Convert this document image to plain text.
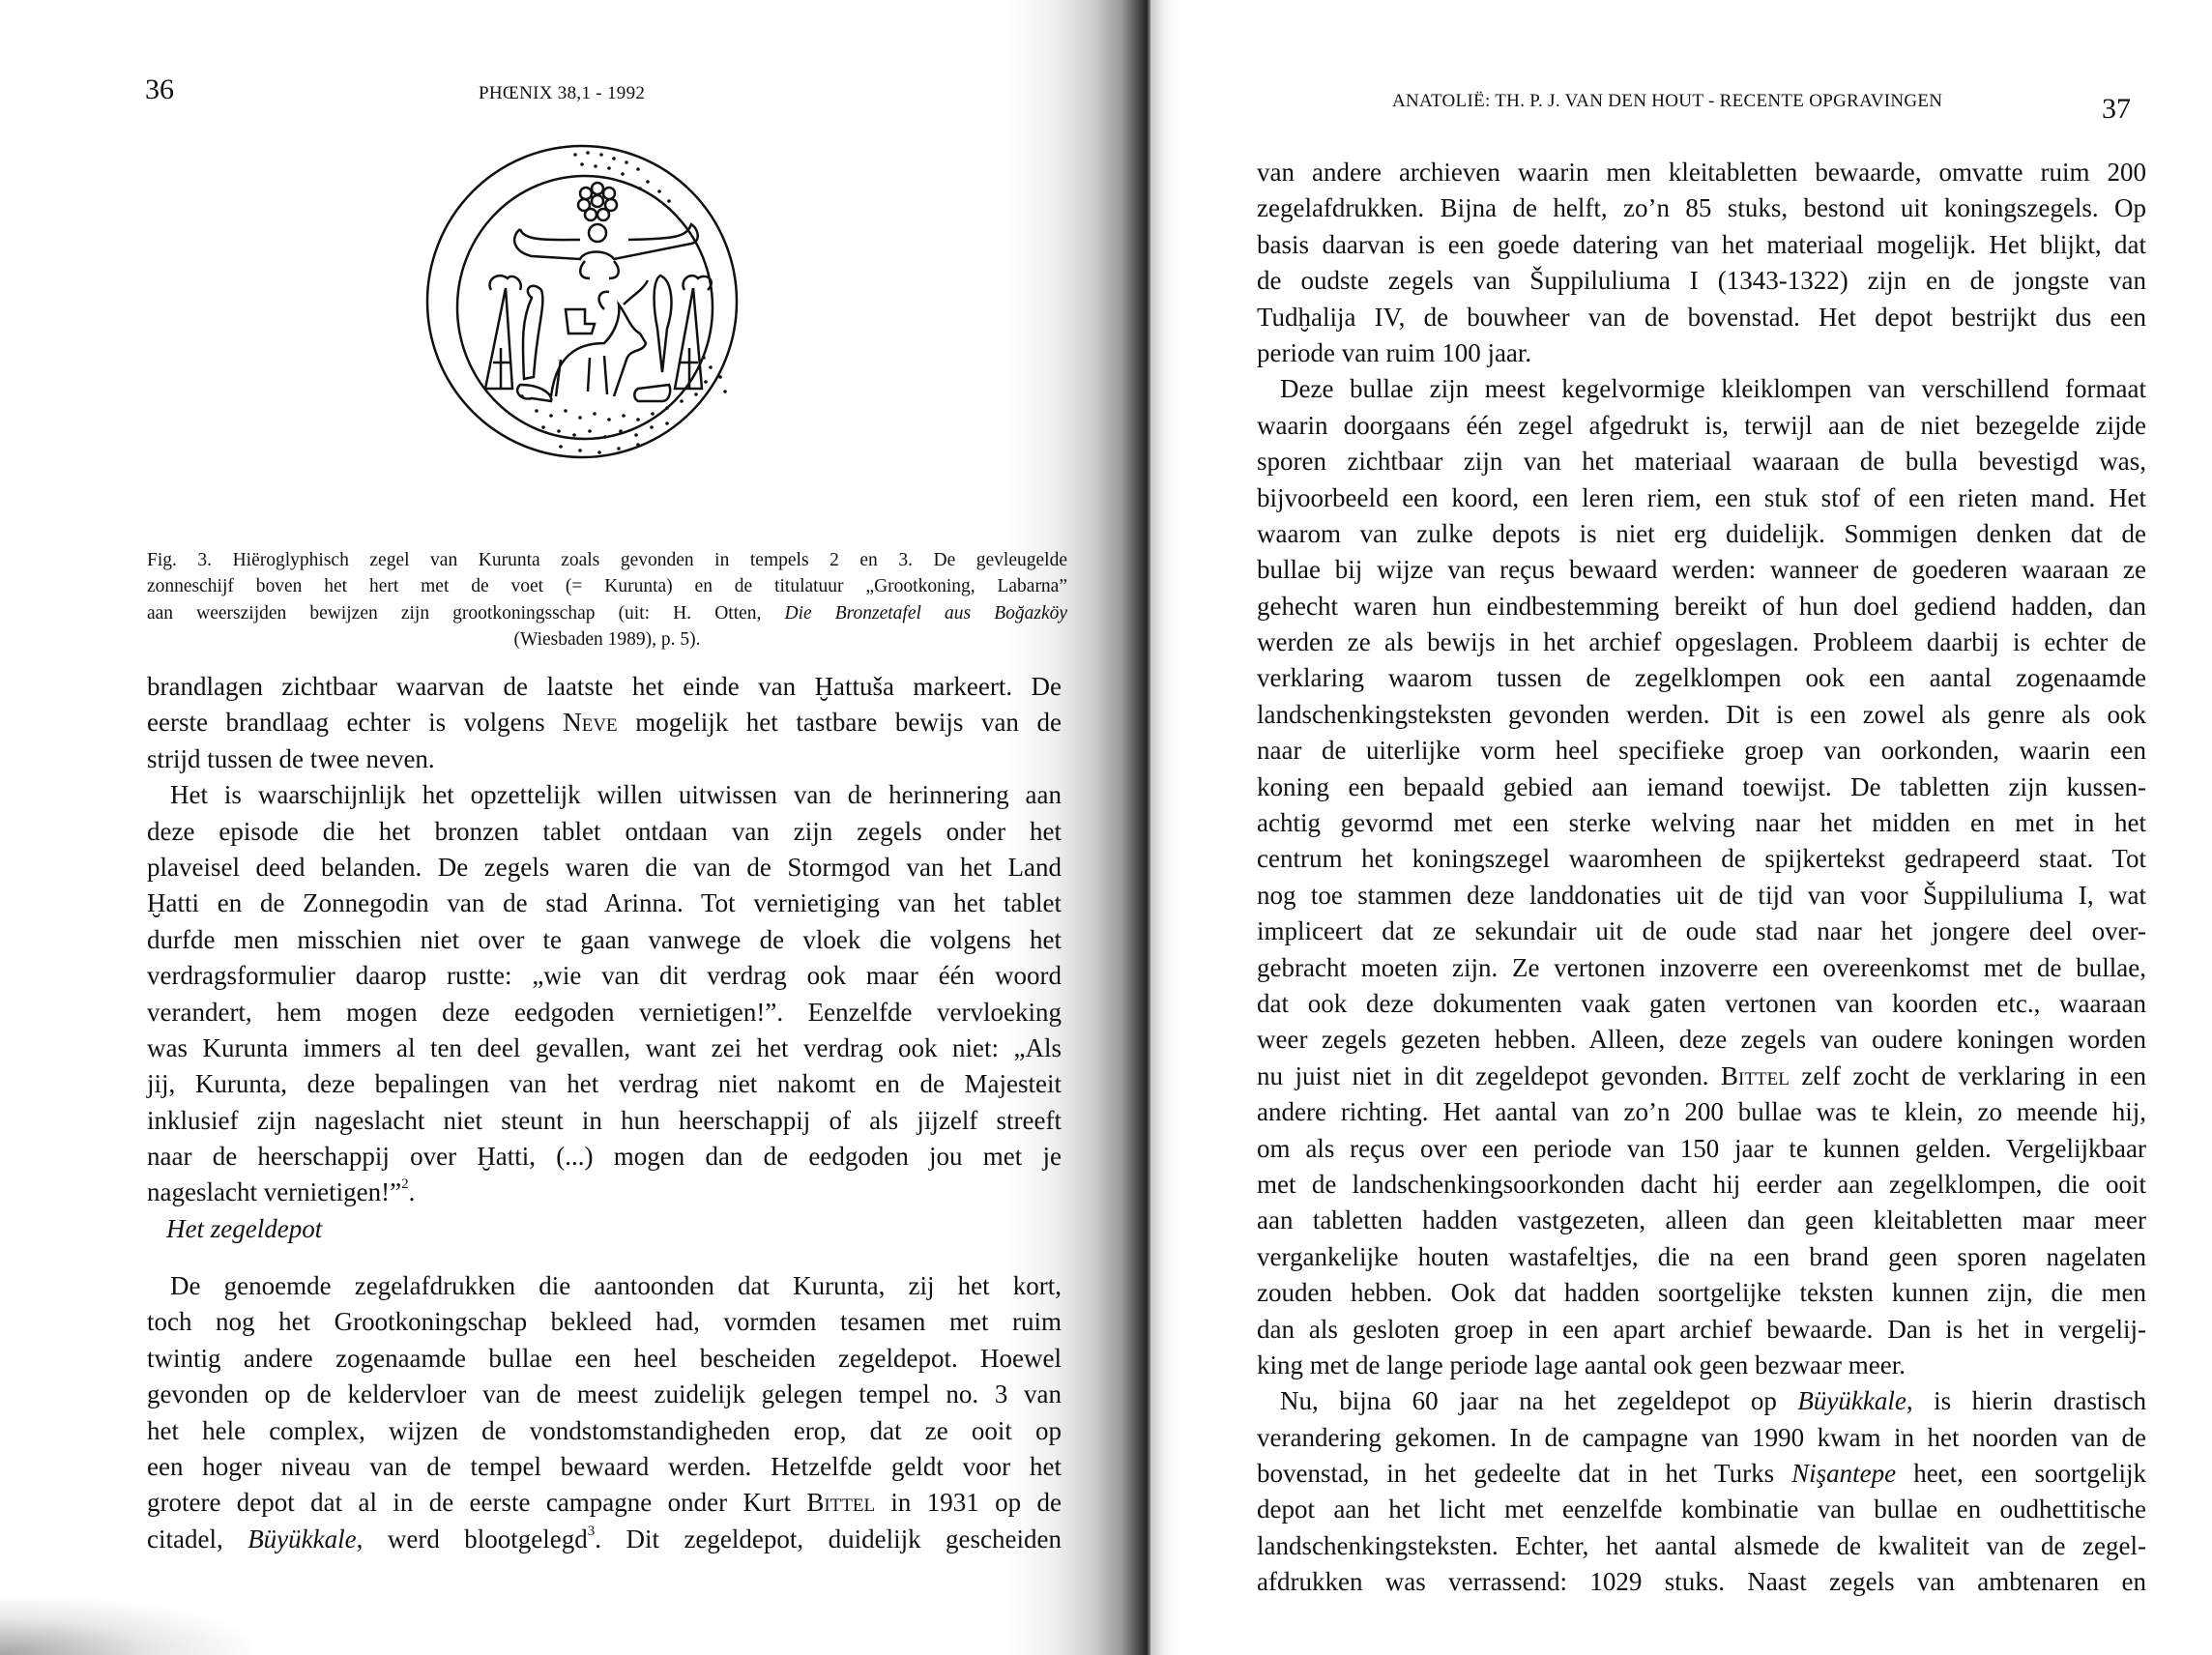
36	PHŒNIX 38,1 - 1992
Fig. 3. Hiëroglyphisch zegel van Kurunta zoals gevonden in tempels 2 en 3. De gevleugelde
zonneschijf boven het hert met de voet (= Kurunta) en de titulatuur „Grootkoning, Labarna”
aan weerszijden bewijzen zijn grootkoningsschap (uit: H. Otten, Die Bronzetafel aus Boğazköy
(Wiesbaden 1989), p. 5).
brandlagen zichtbaar waarvan de laatste het einde van Ḫattuša markeert. De
eerste brandlaag echter is volgens Neve mogelijk het tastbare bewijs van de
strijd tussen de twee neven.
Het is waarschijnlijk het opzettelijk willen uitwissen van de herinnering aan
deze episode die het bronzen tablet ontdaan van zijn zegels onder het
plaveisel deed belanden. De zegels waren die van de Stormgod van het Land
Ḫatti en de Zonnegodin van de stad Arinna. Tot vernietiging van het tablet
durfde men misschien niet over te gaan vanwege de vloek die volgens het
verdragsformulier daarop rustte: „wie van dit verdrag ook maar één woord
verandert, hem mogen deze eedgoden vernietigen!”. Eenzelfde vervloeking
was Kurunta immers al ten deel gevallen, want zei het verdrag ook niet: „Als
jij, Kurunta, deze bepalingen van het verdrag niet nakomt en de Majesteit
inklusief zijn nageslacht niet steunt in hun heerschappij of als jijzelf streeft
naar de heerschappij over Ḫatti, (...) mogen dan de eedgoden jou met je
nageslacht vernietigen!”$^2$.
Het zegeldepot
De genoemde zegelafdrukken die aantoonden dat Kurunta, zij het kort,
toch nog het Grootkoningschap bekleed had, vormden tesamen met ruim
twintig andere zogenaamde bullae een heel bescheiden zegeldepot. Hoewel
gevonden op de keldervloer van de meest zuidelijk gelegen tempel no. 3 van
het hele complex, wijzen de vondstomstandigheden erop, dat ze ooit op
een hoger niveau van de tempel bewaard werden. Hetzelfde geldt voor het
grotere depot dat al in de eerste campagne onder Kurt Bittel in 1931 op de
citadel, Büyükkale, werd blootgelegd$^3$. Dit zegeldepot, duidelijk gescheiden
ANATOLIË: TH. P. J. VAN DEN HOUT - RECENTE OPGRAVINGEN	37
van andere archieven waarin men kleitabletten bewaarde, omvatte ruim 200
zegelafdrukken. Bijna de helft, zo’n 85 stuks, bestond uit koningszegels. Op
basis daarvan is een goede datering van het materiaal mogelijk. Het blijkt, dat
de oudste zegels van Šuppiluliuma I (1343-1322) zijn en de jongste van
Tudḫalija IV, de bouwheer van de bovenstad. Het depot bestrijkt dus een
periode van ruim 100 jaar.
Deze bullae zijn meest kegelvormige kleiklompen van verschillend formaat
waarin doorgaans één zegel afgedrukt is, terwijl aan de niet bezegelde zijde
sporen zichtbaar zijn van het materiaal waaraan de bulla bevestigd was,
bijvoorbeeld een koord, een leren riem, een stuk stof of een rieten mand. Het
waarom van zulke depots is niet erg duidelijk. Sommigen denken dat de
bullae bij wijze van reçus bewaard werden: wanneer de goederen waaraan ze
gehecht waren hun eindbestemming bereikt of hun doel gediend hadden, dan
werden ze als bewijs in het archief opgeslagen. Probleem daarbij is echter de
verklaring waarom tussen de zegelklompen ook een aantal zogenaamde
landschenkingsteksten gevonden werden. Dit is een zowel als genre als ook
naar de uiterlijke vorm heel specifieke groep van oorkonden, waarin een
koning een bepaald gebied aan iemand toewijst. De tabletten zijn kussen-
achtig gevormd met een sterke welving naar het midden en met in het
centrum het koningszegel waaromheen de spijkertekst gedrapeerd staat. Tot
nog toe stammen deze landdonaties uit de tijd van voor Šuppiluliuma I, wat
impliceert dat ze sekundair uit de oude stad naar het jongere deel over-
gebracht moeten zijn. Ze vertonen inzoverre een overeenkomst met de bullae,
dat ook deze dokumenten vaak gaten vertonen van koorden etc., waaraan
weer zegels gezeten hebben. Alleen, deze zegels van oudere koningen worden
nu juist niet in dit zegeldepot gevonden. Bittel zelf zocht de verklaring in een
andere richting. Het aantal van zo’n 200 bullae was te klein, zo meende hij,
om als reçus over een periode van 150 jaar te kunnen gelden. Vergelijkbaar
met de landschenkingsoorkonden dacht hij eerder aan zegelklompen, die ooit
aan tabletten hadden vastgezeten, alleen dan geen kleitabletten maar meer
vergankelijke houten wastafeltjes, die na een brand geen sporen nagelaten
zouden hebben. Ook dat hadden soortgelijke teksten kunnen zijn, die men
dan als gesloten groep in een apart archief bewaarde. Dan is het in vergelij-
king met de lange periode lage aantal ook geen bezwaar meer.
Nu, bijna 60 jaar na het zegeldepot op Büyükkale, is hierin drastisch
verandering gekomen. In de campagne van 1990 kwam in het noorden van de
bovenstad, in het gedeelte dat in het Turks Nişantepe heet, een soortgelijk
depot aan het licht met eenzelfde kombinatie van bullae en oudhettitische
landschenkingsteksten. Echter, het aantal alsmede de kwaliteit van de zegel-
afdrukken was verrassend: 1029 stuks. Naast zegels van ambtenaren en
